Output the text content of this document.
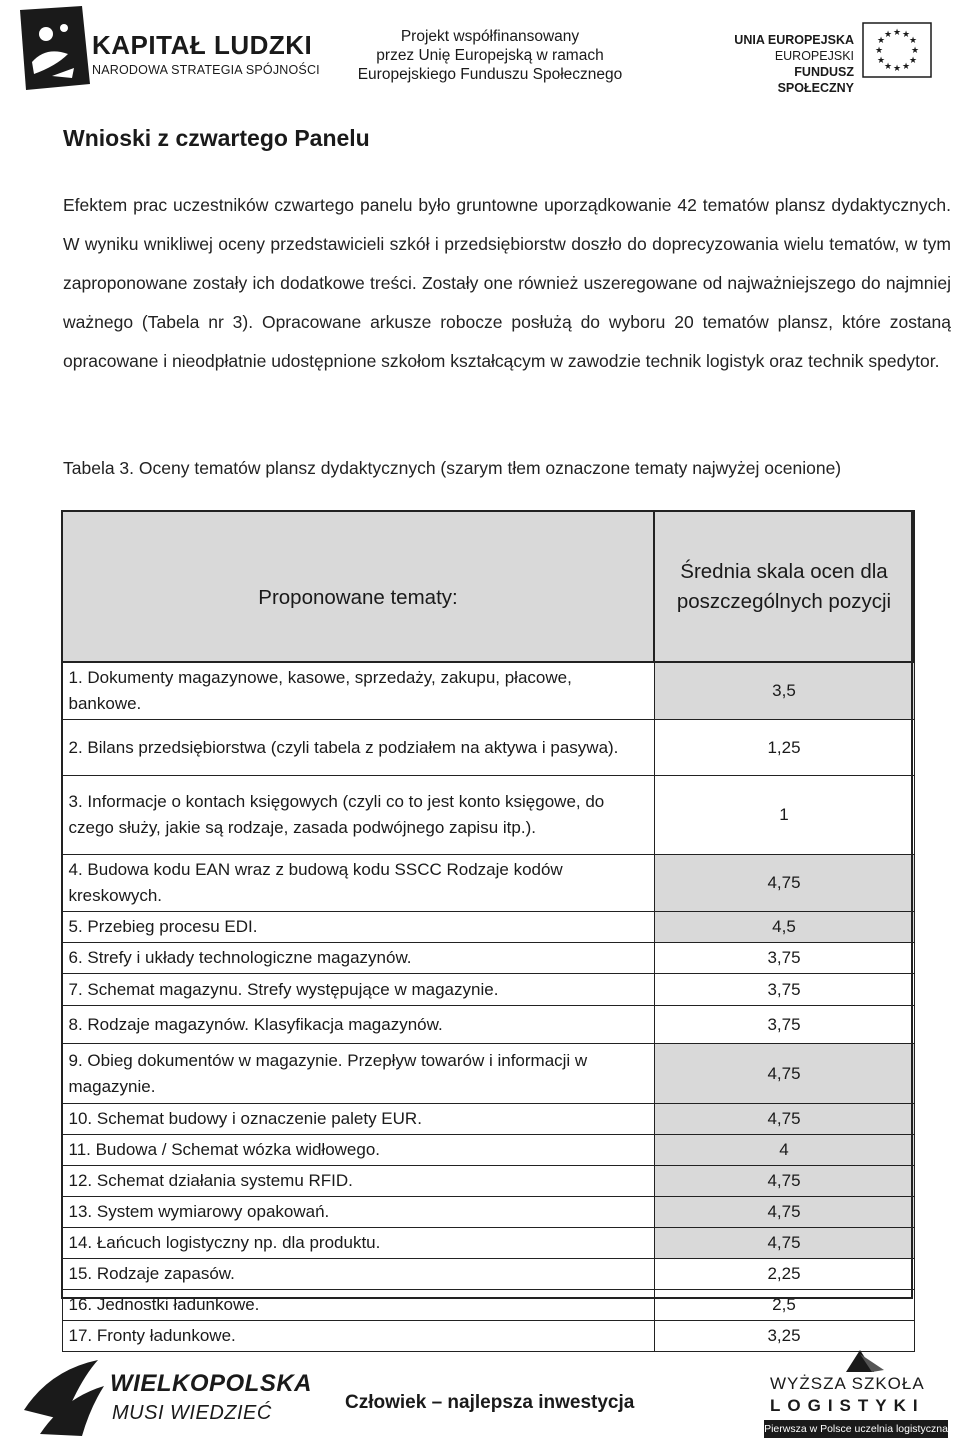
KAPITAŁ LUDZKI
NARODOWA STRATEGIA SPÓJNOŚCI
Projekt współfinansowany
przez Unię Europejską w ramach
Europejskiego Funduszu Społecznego
UNIA EUROPEJSKA
EUROPEJSKI
FUNDUSZ SPOŁECZNY
★ ★
★
★
★
★
★
★
★
★
★
★
Wnioski z czwartego Panelu
Efektem prac uczestników czwartego panelu było gruntowne uporządkowanie 42 tematów plansz dydaktycznych. W wyniku wnikliwej oceny przedstawicieli szkół i przedsiębiorstw doszło do doprecyzowania wielu tematów, w tym zaproponowane zostały ich dodatkowe treści. Zostały one również uszeregowane od najważniejszego do najmniej ważnego (Tabela nr 3). Opracowane arkusze robocze posłużą do wyboru 20 tematów plansz, które zostaną opracowane i nieodpłatnie udostępnione szkołom kształcącym w zawodzie technik logistyk oraz technik spedytor.
Tabela 3. Oceny tematów plansz dydaktycznych (szarym tłem oznaczone tematy najwyżej ocenione)
Proponowane tematy:	Średnia skala ocen dla poszczególnych pozycji
1. Dokumenty magazynowe, kasowe, sprzedaży, zakupu, płacowe, bankowe.	3,5
2. Bilans przedsiębiorstwa (czyli tabela z podziałem na aktywa i pasywa).	1,25
3. Informacje o kontach księgowych (czyli co to jest konto księgowe, do czego służy, jakie są rodzaje, zasada podwójnego zapisu itp.).	1
4. Budowa kodu EAN wraz z budową kodu SSCC Rodzaje kodów kreskowych.	4,75
5. Przebieg procesu EDI.	4,5
6. Strefy i układy technologiczne magazynów.	3,75
7. Schemat magazynu. Strefy występujące w magazynie.	3,75
8. Rodzaje magazynów. Klasyfikacja magazynów.	3,75
9. Obieg dokumentów w magazynie. Przepływ towarów i informacji w magazynie.	4,75
10. Schemat budowy i oznaczenie palety EUR.	4,75
11. Budowa / Schemat wózka widłowego.	4
12. Schemat działania systemu RFID.	4,75
13. System wymiarowy opakowań.	4,75
14. Łańcuch logistyczny np. dla produktu.	4,75
15. Rodzaje zapasów.	2,25
16. Jednostki ładunkowe.	2,5
17. Fronty ładunkowe.	3,25
WIELKOPOLSKA
MUSI WIEDZIEĆ	Człowiek – najlepsza inwestycja
WYŻSZA SZKOŁA
LOGISTYKI
Pierwsza w Polsce uczelnia logistyczna
